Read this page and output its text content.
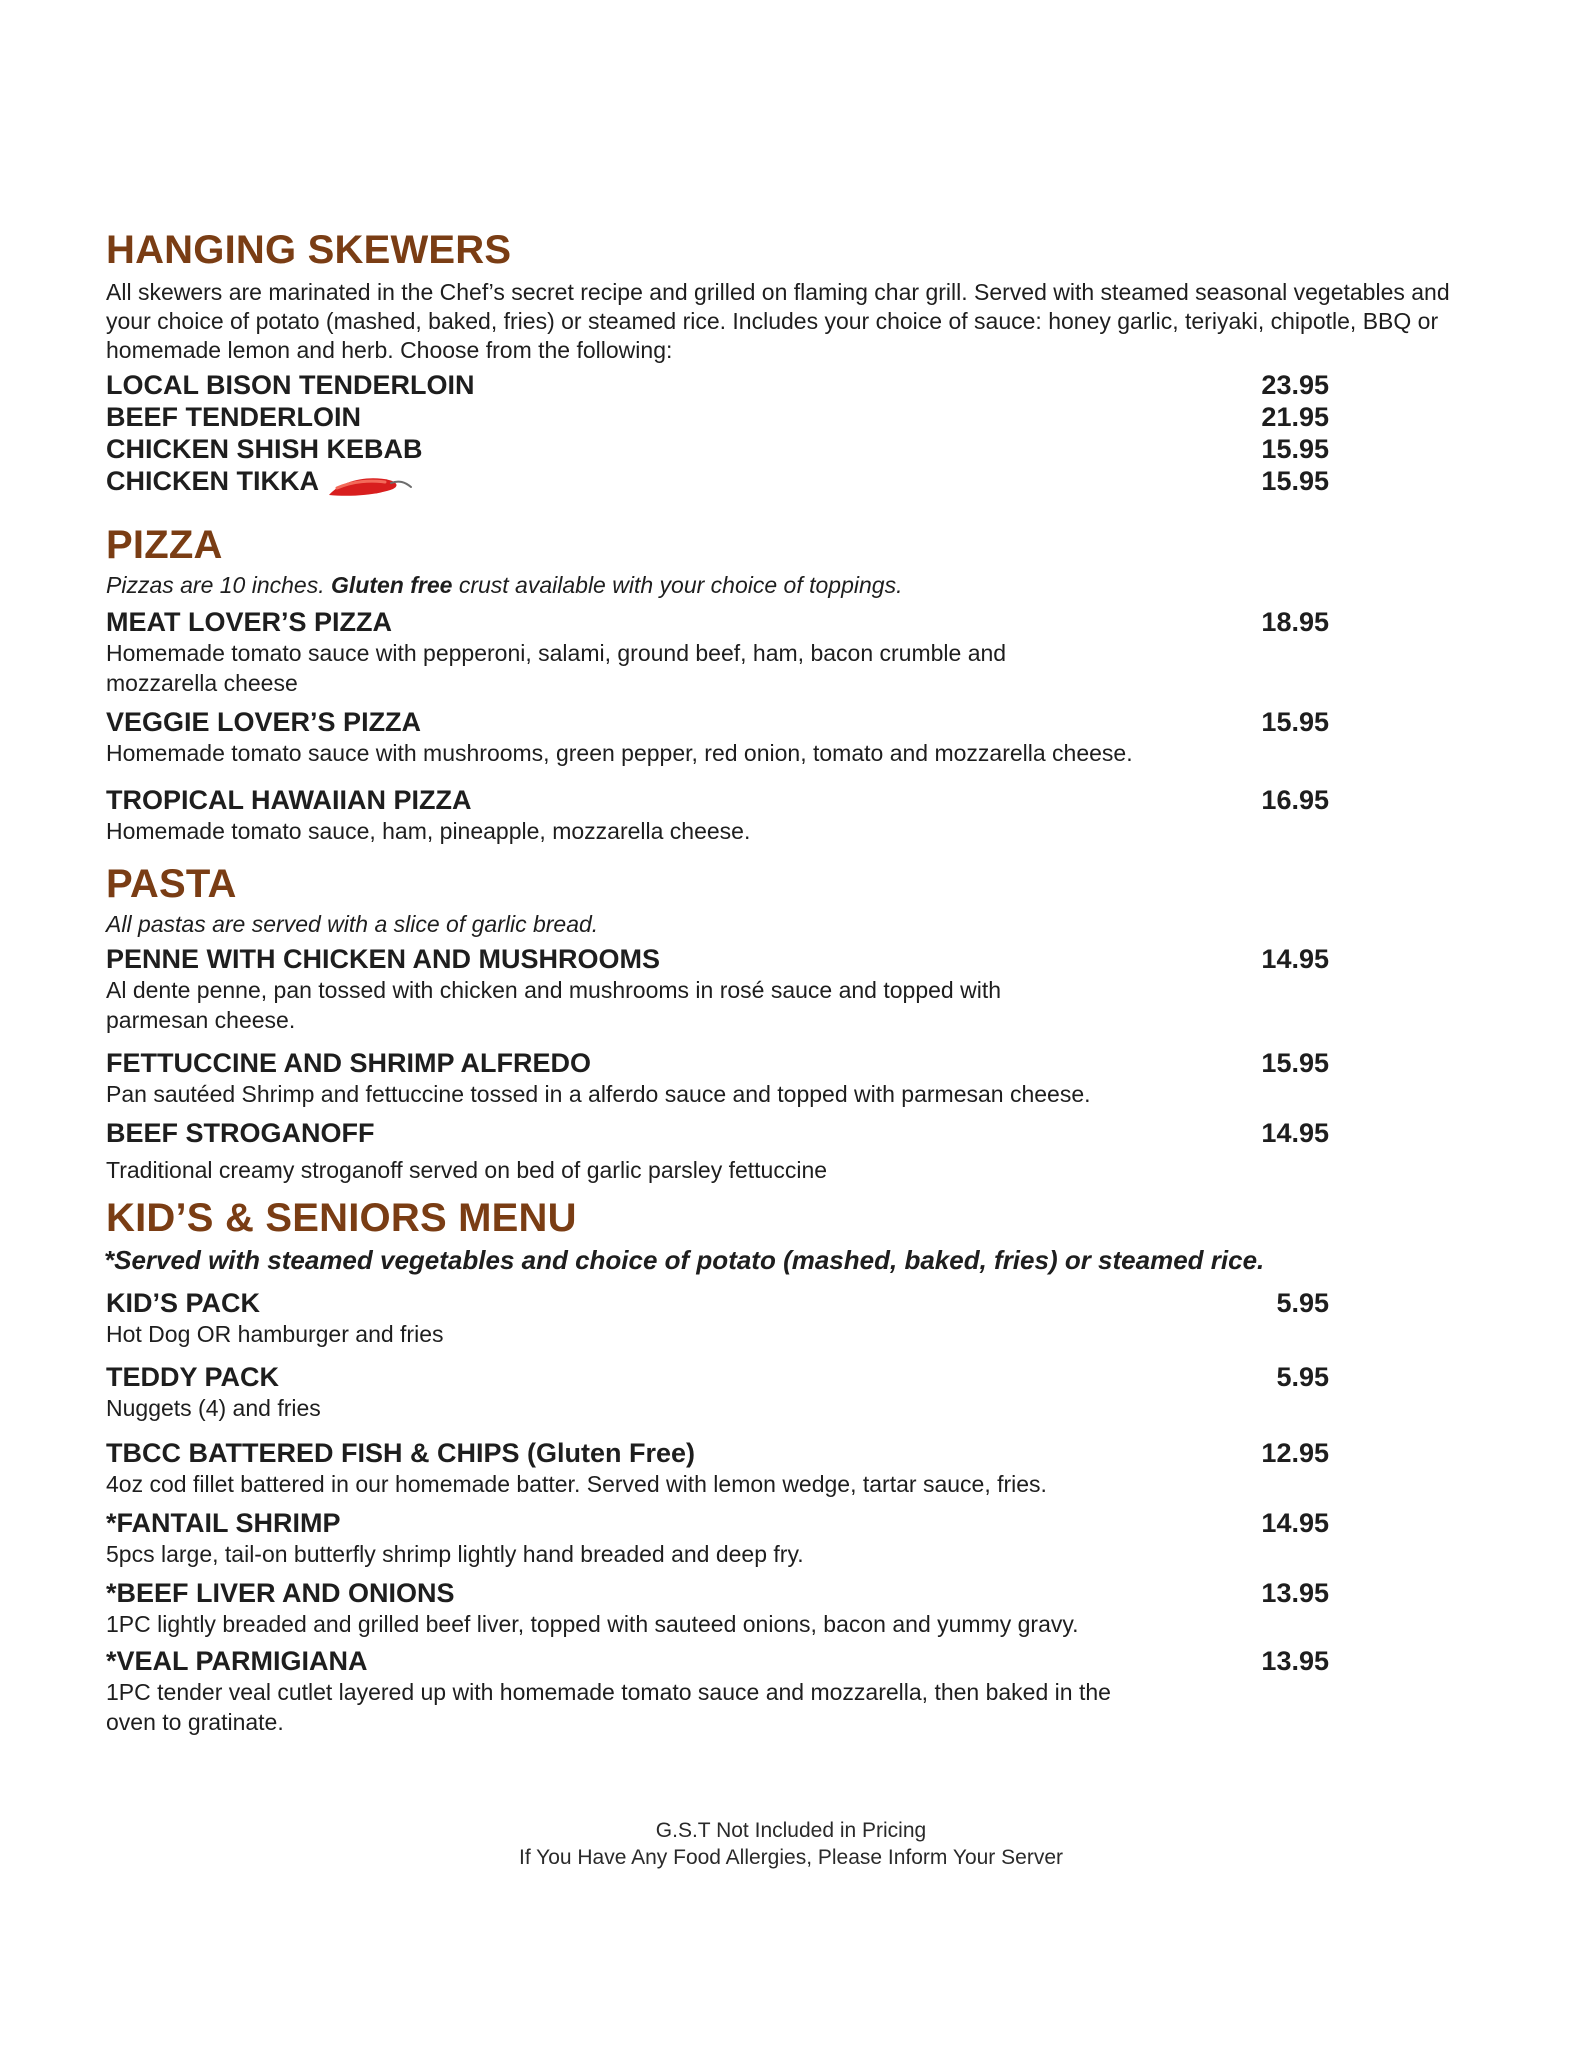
HANGING SKEWERS

All skewers are marinated in the Chef’s secret recipe and grilled on flaming char grill. Served with steamed seasonal vegetables and your choice of potato (mashed, baked, fries) or steamed rice. Includes your choice of sauce: honey garlic, teriyaki, chipotle, BBQ or homemade lemon and herb. Choose from the following:

LOCAL BISON TENDERLOIN	23.95
BEEF TENDERLOIN	21.95
CHICKEN SHISH KEBAB	15.95
CHICKEN TIKKA	15.95
PIZZA

Pizzas are 10 inches. Gluten free crust available with your choice of toppings.

MEAT LOVER’S PIZZA	18.95
Homemade tomato sauce with pepperoni, salami, ground beef, ham, bacon crumble and mozzarella cheese
VEGGIE LOVER’S PIZZA	15.95
Homemade tomato sauce with mushrooms, green pepper, red onion, tomato and mozzarella cheese.
TROPICAL HAWAIIAN PIZZA	16.95
Homemade tomato sauce, ham, pineapple, mozzarella cheese.
PASTA

All pastas are served with a slice of garlic bread.

PENNE WITH CHICKEN AND MUSHROOMS	14.95
Al dente penne, pan tossed with chicken and mushrooms in rosé sauce and topped with parmesan cheese.
FETTUCCINE AND SHRIMP ALFREDO	15.95
Pan sautéed Shrimp and fettuccine tossed in a alferdo sauce and topped with parmesan cheese.
BEEF STROGANOFF	14.95
Traditional creamy stroganoff served on bed of garlic parsley fettuccine
KID’S & SENIORS MENU

*Served with steamed vegetables and choice of potato (mashed, baked, fries) or steamed rice.

KID’S PACK	5.95
Hot Dog OR hamburger and fries
TEDDY PACK	5.95
Nuggets (4) and fries
TBCC BATTERED FISH & CHIPS (Gluten Free)	12.95
4oz cod fillet battered in our homemade batter. Served with lemon wedge, tartar sauce, fries.
*FANTAIL SHRIMP	14.95
5pcs large, tail-on butterfly shrimp lightly hand breaded and deep fry.
*BEEF LIVER AND ONIONS	13.95
1PC lightly breaded and grilled beef liver, topped with sauteed onions, bacon and yummy gravy.
*VEAL PARMIGIANA	13.95
1PC tender veal cutlet layered up with homemade tomato sauce and mozzarella, then baked in the oven to gratinate.
G.S.T Not Included in Pricing
If You Have Any Food Allergies, Please Inform Your Server
